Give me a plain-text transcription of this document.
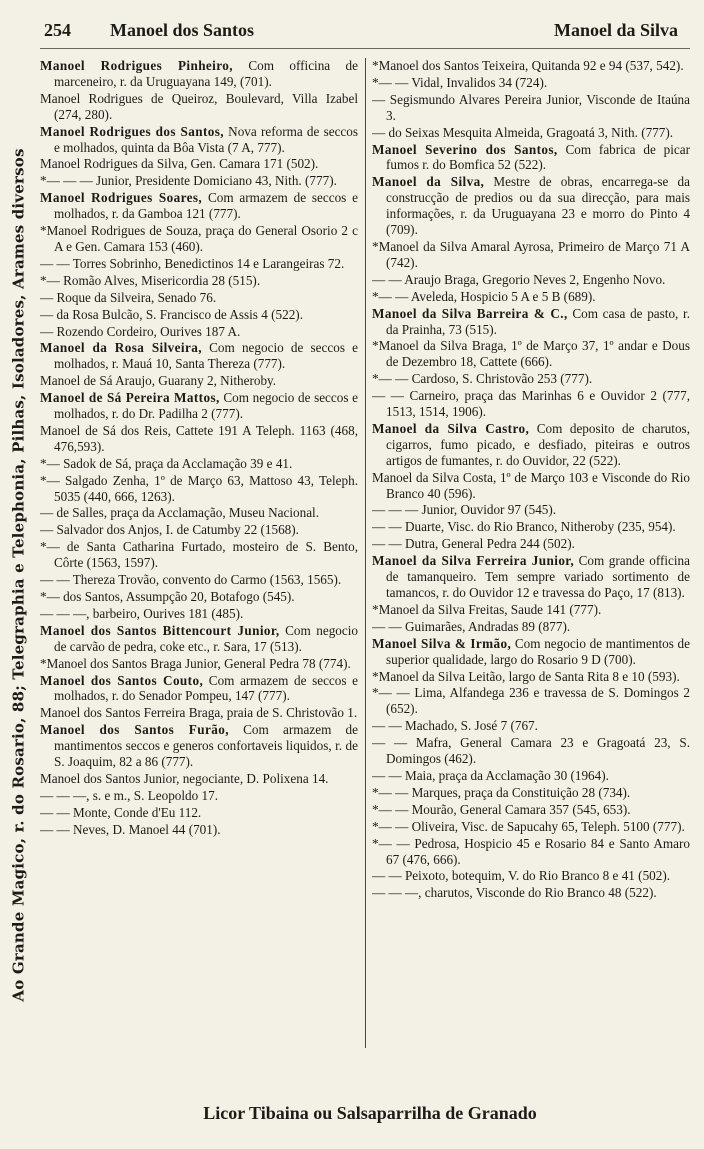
Ao Grande Magico, r. do Rosario, 88; Telegraphia e Telephonia, Pilhas, Isoladores, Arames diversos
254 Manoel dos Santos	Manoel da Silva
Manoel Rodrigues Pinheiro, Com officina de marceneiro, r. da Uruguayana 149, (701).
Manoel Rodrigues de Queiroz, Boulevard, Villa Izabel (274, 280).
Manoel Rodrigues dos Santos, Nova reforma de seccos e molhados, quinta da Bôa Vista (7 A, 777).
Manoel Rodrigues da Silva, Gen. Camara 171 (502).
*— — — Junior, Presidente Domiciano 43, Nith. (777).
Manoel Rodrigues Soares, Com armazem de seccos e molhados, r. da Gamboa 121 (777).
*Manoel Rodrigues de Souza, praça do General Osorio 2 c A e Gen. Camara 153 (460).
— — Torres Sobrinho, Benedictinos 14 e Larangeiras 72.
*— Romão Alves, Misericordia 28 (515).
— Roque da Silveira, Senado 76.
— da Rosa Bulcão, S. Francisco de Assis 4 (522).
— Rozendo Cordeiro, Ourives 187 A.
Manoel da Rosa Silveira, Com negocio de seccos e molhados, r. Mauá 10, Santa Thereza (777).
Manoel de Sá Araujo, Guarany 2, Nitheroby.
Manoel de Sá Pereira Mattos, Com negocio de seccos e molhados, r. do Dr. Padilha 2 (777).
Manoel de Sá dos Reis, Cattete 191 A Teleph. 1163 (468, 476,593).
*— Sadok de Sá, praça da Acclamação 39 e 41.
*— Salgado Zenha, 1º de Março 63, Mattoso 43, Teleph. 5035 (440, 666, 1263).
— de Salles, praça da Acclamação, Museu Nacional.
— Salvador dos Anjos, I. de Catumby 22 (1568).
*— de Santa Catharina Furtado, mosteiro de S. Bento, Côrte (1563, 1597).
— — Thereza Trovão, convento do Carmo (1563, 1565).
*— dos Santos, Assumpção 20, Botafogo (545).
— — —, barbeiro, Ourives 181 (485).
Manoel dos Santos Bittencourt Junior, Com negocio de carvão de pedra, coke etc., r. Sara, 17 (513).
*Manoel dos Santos Braga Junior, General Pedra 78 (774).
Manoel dos Santos Couto, Com armazem de seccos e molhados, r. do Senador Pompeu, 147 (777).
Manoel dos Santos Ferreira Braga, praia de S. Christovão 1.
Manoel dos Santos Furão, Com armazem de mantimentos seccos e generos confortaveis liquidos, r. de S. Joaquim, 82 a 86 (777).
Manoel dos Santos Junior, negociante, D. Polixena 14.
— — —, s. e m., S. Leopoldo 17.
— — Monte, Conde d'Eu 112.
— — Neves, D. Manoel 44 (701).
*Manoel dos Santos Teixeira, Quitanda 92 e 94 (537, 542).
*— — Vidal, Invalidos 34 (724).
— Segismundo Alvares Pereira Junior, Visconde de Itaúna 3.
— do Seixas Mesquita Almeida, Gragoatá 3, Nith. (777).
Manoel Severino dos Santos, Com fabrica de picar fumos r. do Bomfica 52 (522).
Manoel da Silva, Mestre de obras, encarrega-se da construcção de predios ou da sua direcção, para mais informações, r. da Uruguayana 23 e morro do Pinto 4 (709).
*Manoel da Silva Amaral Ayrosa, Primeiro de Março 71 A (742).
— — Araujo Braga, Gregorio Neves 2, Engenho Novo.
*— — Aveleda, Hospicio 5 A e 5 B (689).
Manoel da Silva Barreira & C., Com casa de pasto, r. da Prainha, 73 (515).
*Manoel da Silva Braga, 1º de Março 37, 1º andar e Dous de Dezembro 18, Cattete (666).
*— — Cardoso, S. Christovão 253 (777).
— — Carneiro, praça das Marinhas 6 e Ouvidor 2 (777, 1513, 1514, 1906).
Manoel da Silva Castro, Com deposito de charutos, cigarros, fumo picado, e desfiado, piteiras e outros artigos de fumantes, r. do Ouvidor, 22 (522).
Manoel da Silva Costa, 1º de Março 103 e Visconde do Rio Branco 40 (596).
— — — Junior, Ouvidor 97 (545).
— — Duarte, Visc. do Rio Branco, Nitheroby (235, 954).
— — Dutra, General Pedra 244 (502).
Manoel da Silva Ferreira Junior, Com grande officina de tamanqueiro. Tem sempre variado sortimento de tamancos, r. do Ouvidor 12 e travessa do Paço, 17 (813).
*Manoel da Silva Freitas, Saude 141 (777).
— — Guimarães, Andradas 89 (877).
Manoel Silva & Irmão, Com negocio de mantimentos de superior qualidade, largo do Rosario 9 D (700).
*Manoel da Silva Leitão, largo de Santa Rita 8 e 10 (593).
*— — Lima, Alfandega 236 e travessa de S. Domingos 2 (652).
— — Machado, S. José 7 (767.
— — Mafra, General Camara 23 e Gragoatá 23, S. Domingos (462).
— — Maia, praça da Acclamação 30 (1964).
*— — Marques, praça da Constituição 28 (734).
*— — Mourão, General Camara 357 (545, 653).
*— — Oliveira, Visc. de Sapucahy 65, Teleph. 5100 (777).
*— — Pedrosa, Hospicio 45 e Rosario 84 e Santo Amaro 67 (476, 666).
— — Peixoto, botequim, V. do Rio Branco 8 e 41 (502).
— — —, charutos, Visconde do Rio Branco 48 (522).
Licor Tibaina ou Salsaparrilha de Granado
